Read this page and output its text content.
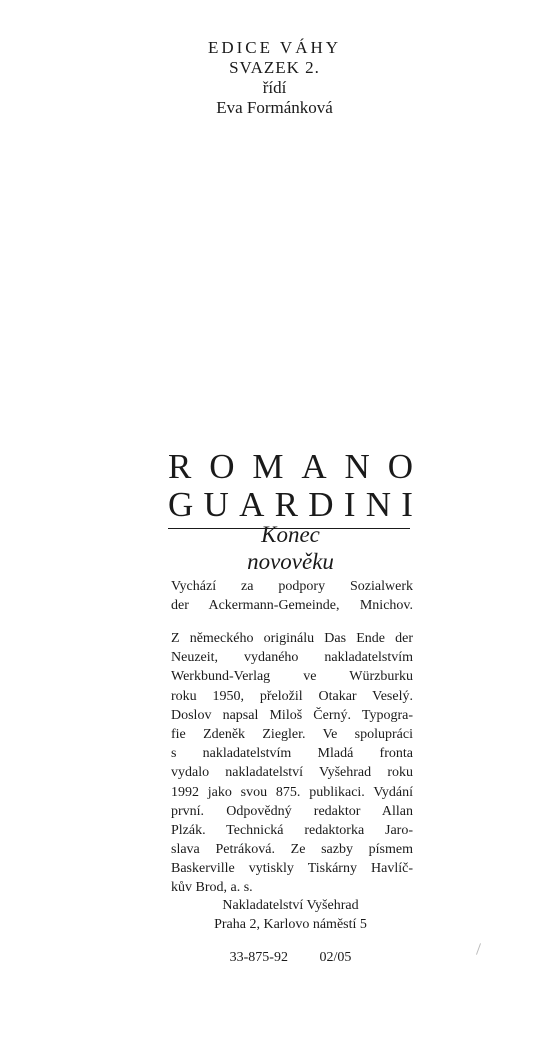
EDICE VÁHY
SVAZEK 2.
řídí
Eva Formánková
R O M A N O
G U A R D I N I
Konec
novověku
Vychází za podpory Sozialwerk
der Ackermann-Gemeinde, Mnichov.
Z německého originálu Das Ende der
Neuzeit, vydaného nakladatelstvím
Werkbund-Verlag ve Würzburku
roku 1950, přeložil Otakar Veselý.
Doslov napsal Miloš Černý. Typogra-
fie Zdeněk Ziegler. Ve spolupráci
s nakladatelstvím Mladá fronta
vydalo nakladatelství Vyšehrad roku
1992 jako svou 875. publikaci. Vydání
první. Odpovědný redaktor Allan
Plzák. Technická redaktorka Jaro-
slava Petráková. Ze sazby písmem
Baskerville vytiskly Tiskárny Havlíč-
kův Brod, a. s.
Nakladatelství Vyšehrad
Praha 2, Karlovo náměstí 5
33-875-92 02/05
